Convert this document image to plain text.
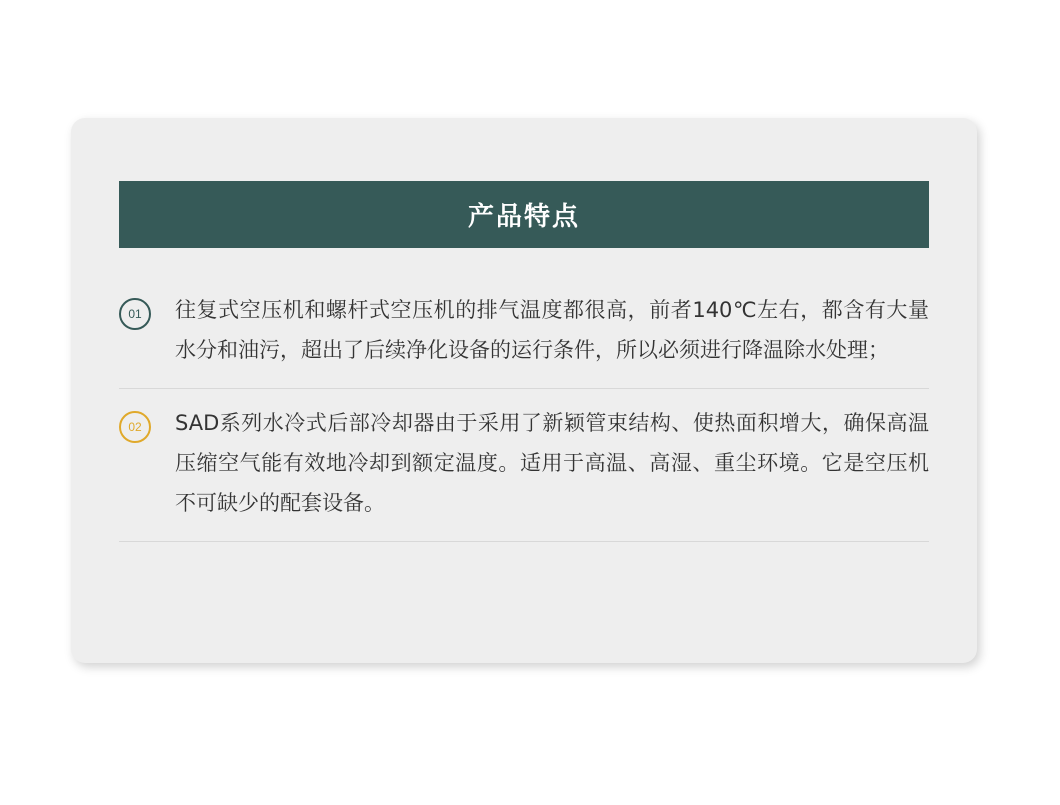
产品特点
01	往复式空压机和螺杆式空压机的排气温度都很高，前者140℃左右，都含有大量水分和油污，超出了后续净化设备的运行条件，所以必须进行降温除水处理；
02	SAD系列水冷式后部冷却器由于采用了新颖管束结构、使热面积增大，确保高温压缩空气能有效地冷却到额定温度。适用于高温、高湿、重尘环境。它是空压机不可缺少的配套设备。
